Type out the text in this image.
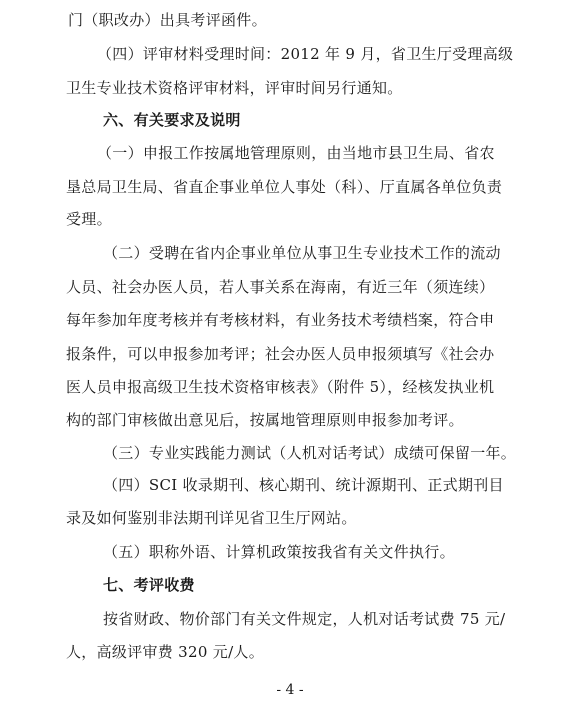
门（职改办）出具考评函件。
（四）评审材料受理时间：2012 年 9 月，省卫生厅受理高级
卫生专业技术资格评审材料，评审时间另行通知。
六、有关要求及说明
（一）申报工作按属地管理原则，由当地市县卫生局、省农
垦总局卫生局、省直企事业单位人事处（科）、厅直属各单位负责
受理。
（二）受聘在省内企事业单位从事卫生专业技术工作的流动
人员、社会办医人员，若人事关系在海南，有近三年（须连续）
每年参加年度考核并有考核材料，有业务技术考绩档案，符合申
报条件，可以申报参加考评；社会办医人员申报须填写《社会办
医人员申报高级卫生技术资格审核表》（附件 5），经核发执业机
构的部门审核做出意见后，按属地管理原则申报参加考评。
（三）专业实践能力测试（人机对话考试）成绩可保留一年。
（四）SCI 收录期刊、核心期刊、统计源期刊、正式期刊目
录及如何鉴别非法期刊详见省卫生厅网站。
（五）职称外语、计算机政策按我省有关文件执行。
七、考评收费
按省财政、物价部门有关文件规定，人机对话考试费 75 元/
人，高级评审费 320 元/人。
- 4 -
